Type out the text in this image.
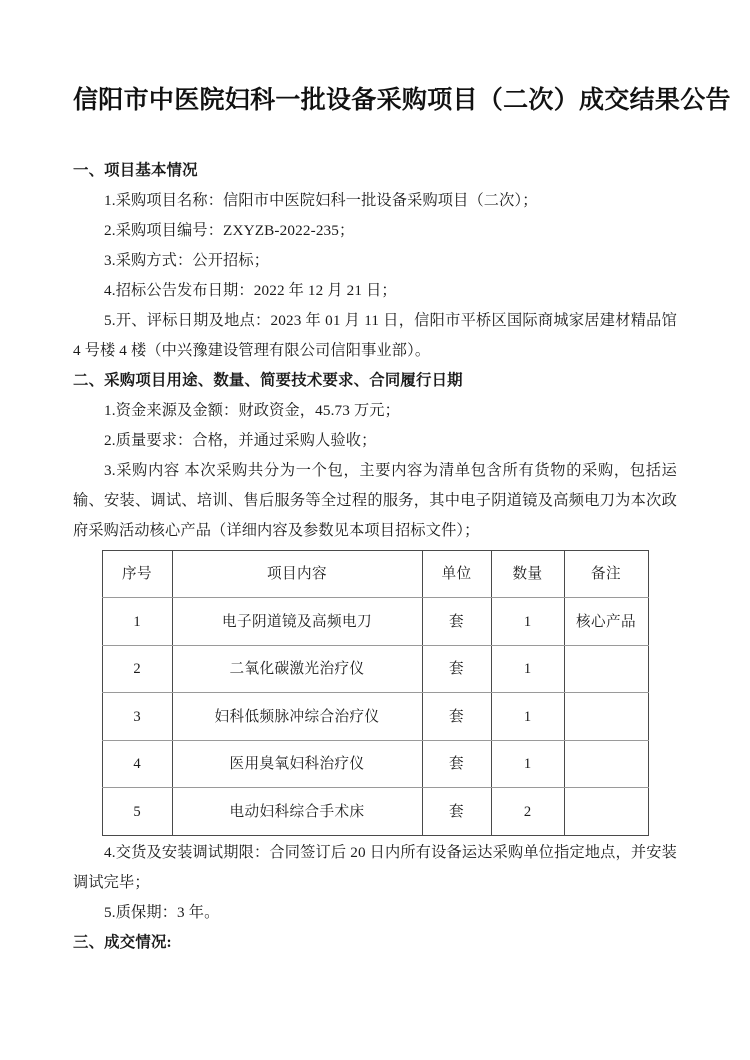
信阳市中医院妇科一批设备采购项目（二次）成交结果公告

一、项目基本情况

1.采购项目名称：信阳市中医院妇科一批设备采购项目（二次）；

2.采购项目编号：ZXYZB-2022-235；

3.采购方式：公开招标；

4.招标公告发布日期：2022 年 12 月 21 日；

5.开、评标日期及地点：2023 年 01 月 11 日，信阳市平桥区国际商城家居建材精品馆 4 号楼 4 楼（中兴豫建设管理有限公司信阳事业部）。

二、采购项目用途、数量、简要技术要求、合同履行日期

1.资金来源及金额：财政资金，45.73 万元；

2.质量要求：合格，并通过采购人验收；

3.采购内容 本次采购共分为一个包，主要内容为清单包含所有货物的采购，包括运输、安装、调试、培训、售后服务等全过程的服务，其中电子阴道镜及高频电刀为本次政府采购活动核心产品（详细内容及参数见本项目招标文件）；

序号	项目内容	单位	数量	备注
1	电子阴道镜及高频电刀	套	1	核心产品
2	二氧化碳激光治疗仪	套	1	
3	妇科低频脉冲综合治疗仪	套	1	
4	医用臭氧妇科治疗仪	套	1	
5	电动妇科综合手术床	套	2	

4.交货及安装调试期限：合同签订后 20 日内所有设备运达采购单位指定地点，并安装调试完毕；

5.质保期：3 年。

三、成交情况:
